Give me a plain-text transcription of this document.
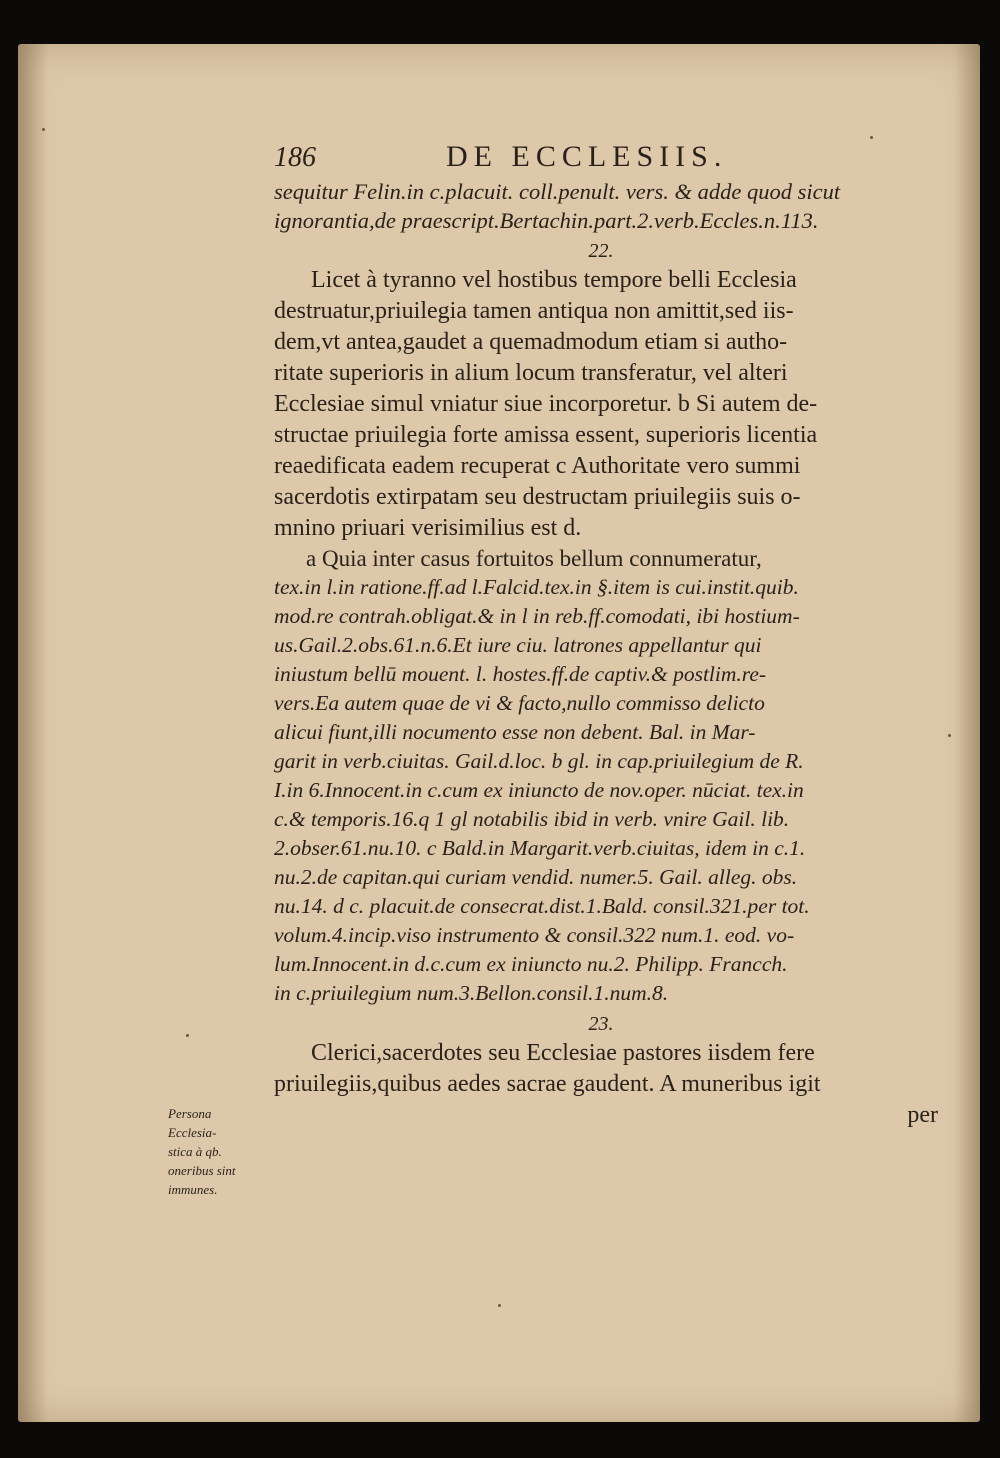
Persona
Ecclesia-
stica à qb.
oneribus sint
immunes.
186	DE ECCLESIIS.
sequitur Felin.in c.placuit. coll.penult. vers. & adde quod sicut
ignorantia,de praescript.Bertachin.part.2.verb.Eccles.n.113.
22.
Licet à tyranno vel hostibus tempore belli Ecclesia
destruatur,priuilegia tamen antiqua non amittit,sed iis-
dem,vt antea,gaudet a quemadmodum etiam si autho-
ritate superioris in alium locum transferatur, vel alteri
Ecclesiae simul vniatur siue incorporetur. b Si autem de-
structae priuilegia forte amissa essent, superioris licentia
reaedificata eadem recuperat c Authoritate vero summi
sacerdotis extirpatam seu destructam priuilegiis suis o-
mnino priuari verisimilius est d.
a Quia inter casus fortuitos bellum connumeratur,
tex.in l.in ratione.ff.ad l.Falcid.tex.in §.item is cui.instit.quib.
mod.re contrah.obligat.& in l in reb.ff.comodati, ibi hostium-
us.Gail.2.obs.61.n.6.Et iure ciu. latrones appellantur qui
iniustum bellū mouent. l. hostes.ff.de captiv.& postlim.re-
vers.Ea autem quae de vi & facto,nullo commisso delicto
alicui fiunt,illi nocumento esse non debent. Bal. in Mar-
garit in verb.ciuitas. Gail.d.loc. b gl. in cap.priuilegium de R.
I.in 6.Innocent.in c.cum ex iniuncto de nov.oper. nūciat. tex.in
c.& temporis.16.q 1 gl notabilis ibid in verb. vnire Gail. lib.
2.obser.61.nu.10. c Bald.in Margarit.verb.ciuitas, idem in c.1.
nu.2.de capitan.qui curiam vendid. numer.5. Gail. alleg. obs.
nu.14. d c. placuit.de consecrat.dist.1.Bald. consil.321.per tot.
volum.4.incip.viso instrumento & consil.322 num.1. eod. vo-
lum.Innocent.in d.c.cum ex iniuncto nu.2. Philipp. Francch.
in c.priuilegium num.3.Bellon.consil.1.num.8.
23.
Clerici,sacerdotes seu Ecclesiae pastores iisdem fere
priuilegiis,quibus aedes sacrae gaudent. A muneribus igit
per
